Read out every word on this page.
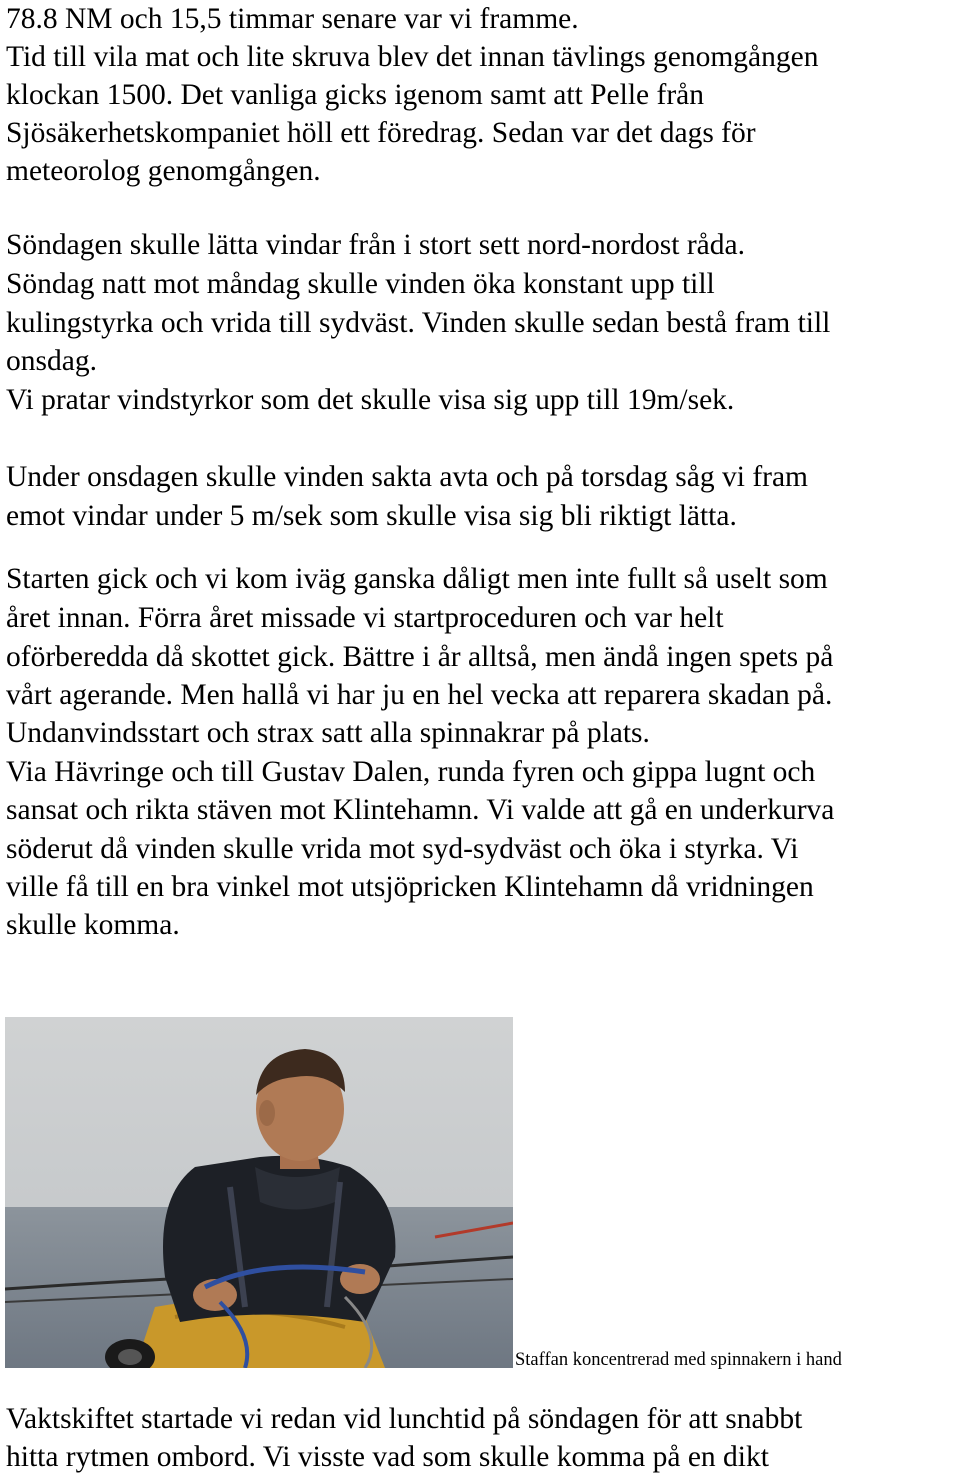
78.8 NM och 15,5 timmar senare var vi framme.
Tid till vila mat och lite skruva blev det innan tävlings genomgången
klockan 1500. Det vanliga gicks igenom samt att Pelle från
Sjösäkerhetskompaniet höll ett föredrag. Sedan var det dags för
meteorolog genomgången.
Söndagen skulle lätta vindar från i stort sett nord-nordost råda.
Söndag natt mot måndag skulle vinden öka konstant upp till
kulingstyrka och vrida till sydväst. Vinden skulle sedan bestå fram till
onsdag.
Vi pratar vindstyrkor som det skulle visa sig upp till 19m/sek.
Under onsdagen skulle vinden sakta avta och på torsdag såg vi fram
emot vindar under 5 m/sek som skulle visa sig bli riktigt lätta.
Starten gick och vi kom iväg ganska dåligt men inte fullt så uselt som
året innan. Förra året missade vi startproceduren och var helt
oförberedda då skottet gick. Bättre i år alltså, men ändå ingen spets på
vårt agerande. Men hallå vi har ju en hel vecka att reparera skadan på.
Undanvindsstart och strax satt alla spinnakrar på plats.
Via Hävringe och till Gustav Dalen, runda fyren och gippa lugnt och
sansat och rikta stäven mot Klintehamn. Vi valde att gå en underkurva
söderut då vinden skulle vrida mot syd-sydväst och öka i styrka. Vi
ville få till en bra vinkel mot utsjöpricken Klintehamn då vridningen
skulle komma.
Staffan koncentrerad med spinnakern i hand
Vaktskiftet startade vi redan vid lunchtid på söndagen för att snabbt
hitta rytmen ombord. Vi visste vad som skulle komma på en dikt
